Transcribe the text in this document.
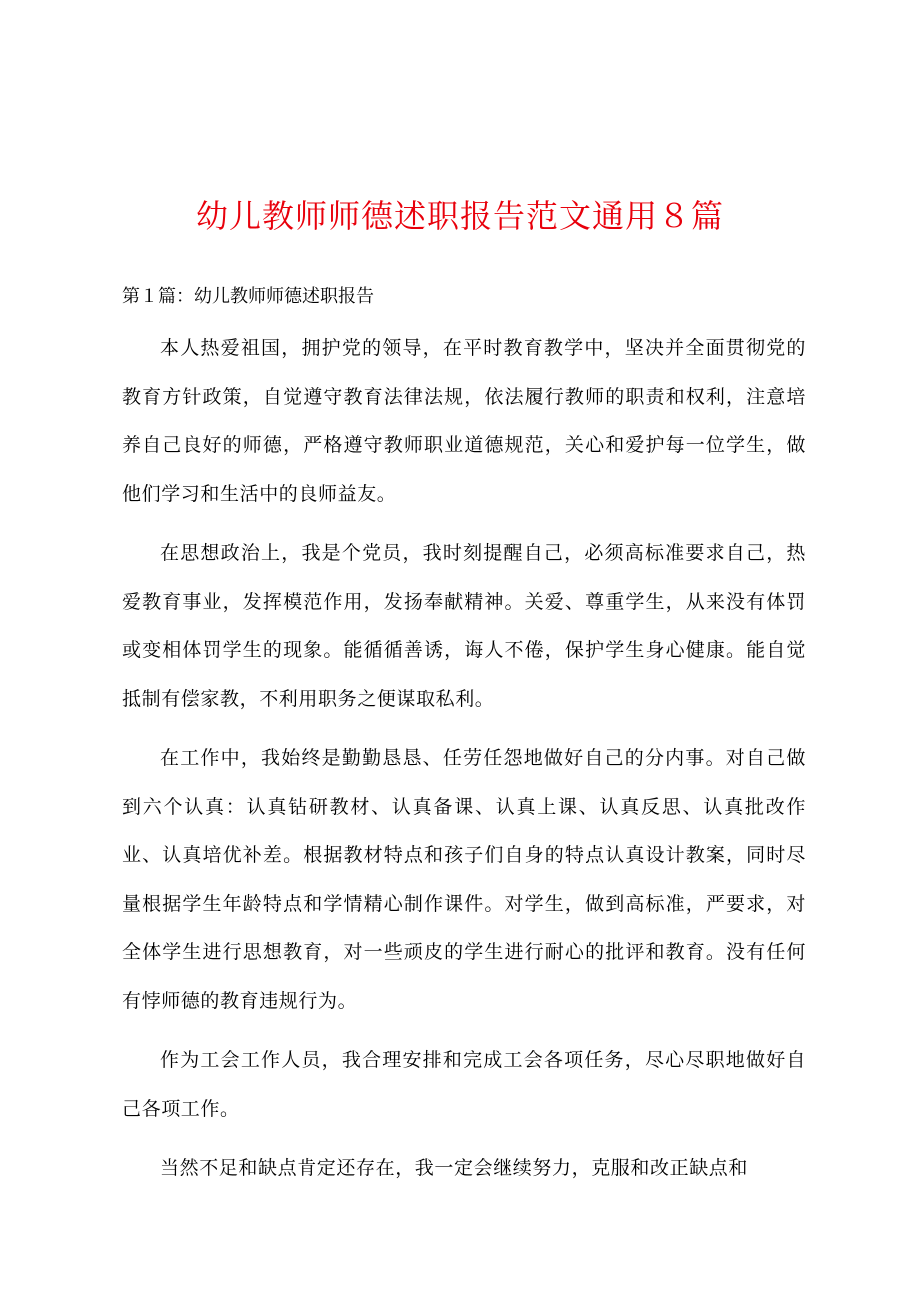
幼儿教师师德述职报告范文通用８篇

第１篇：幼儿教师师德述职报告

本人热爱祖国，拥护党的领导，在平时教育教学中，坚决并全面贯彻党的教育方针政策，自觉遵守教育法律法规，依法履行教师的职责和权利，注意培养自己良好的师德，严格遵守教师职业道德规范，关心和爱护每一位学生，做他们学习和生活中的良师益友。

在思想政治上，我是个党员，我时刻提醒自己，必须高标准要求自己，热爱教育事业，发挥模范作用，发扬奉献精神。关爱、尊重学生，从来没有体罚或变相体罚学生的现象。能循循善诱，诲人不倦，保护学生身心健康。能自觉抵制有偿家教，不利用职务之便谋取私利。

在工作中，我始终是勤勤恳恳、任劳任怨地做好自己的分内事。对自己做到六个认真：认真钻研教材、认真备课、认真上课、认真反思、认真批改作业、认真培优补差。根据教材特点和孩子们自身的特点认真设计教案，同时尽量根据学生年龄特点和学情精心制作课件。对学生，做到高标准，严要求，对全体学生进行思想教育，对一些顽皮的学生进行耐心的批评和教育。没有任何有悖师德的教育违规行为。

作为工会工作人员，我合理安排和完成工会各项任务，尽心尽职地做好自己各项工作。

当然不足和缺点肯定还存在，我一定会继续努力，克服和改正缺点和
